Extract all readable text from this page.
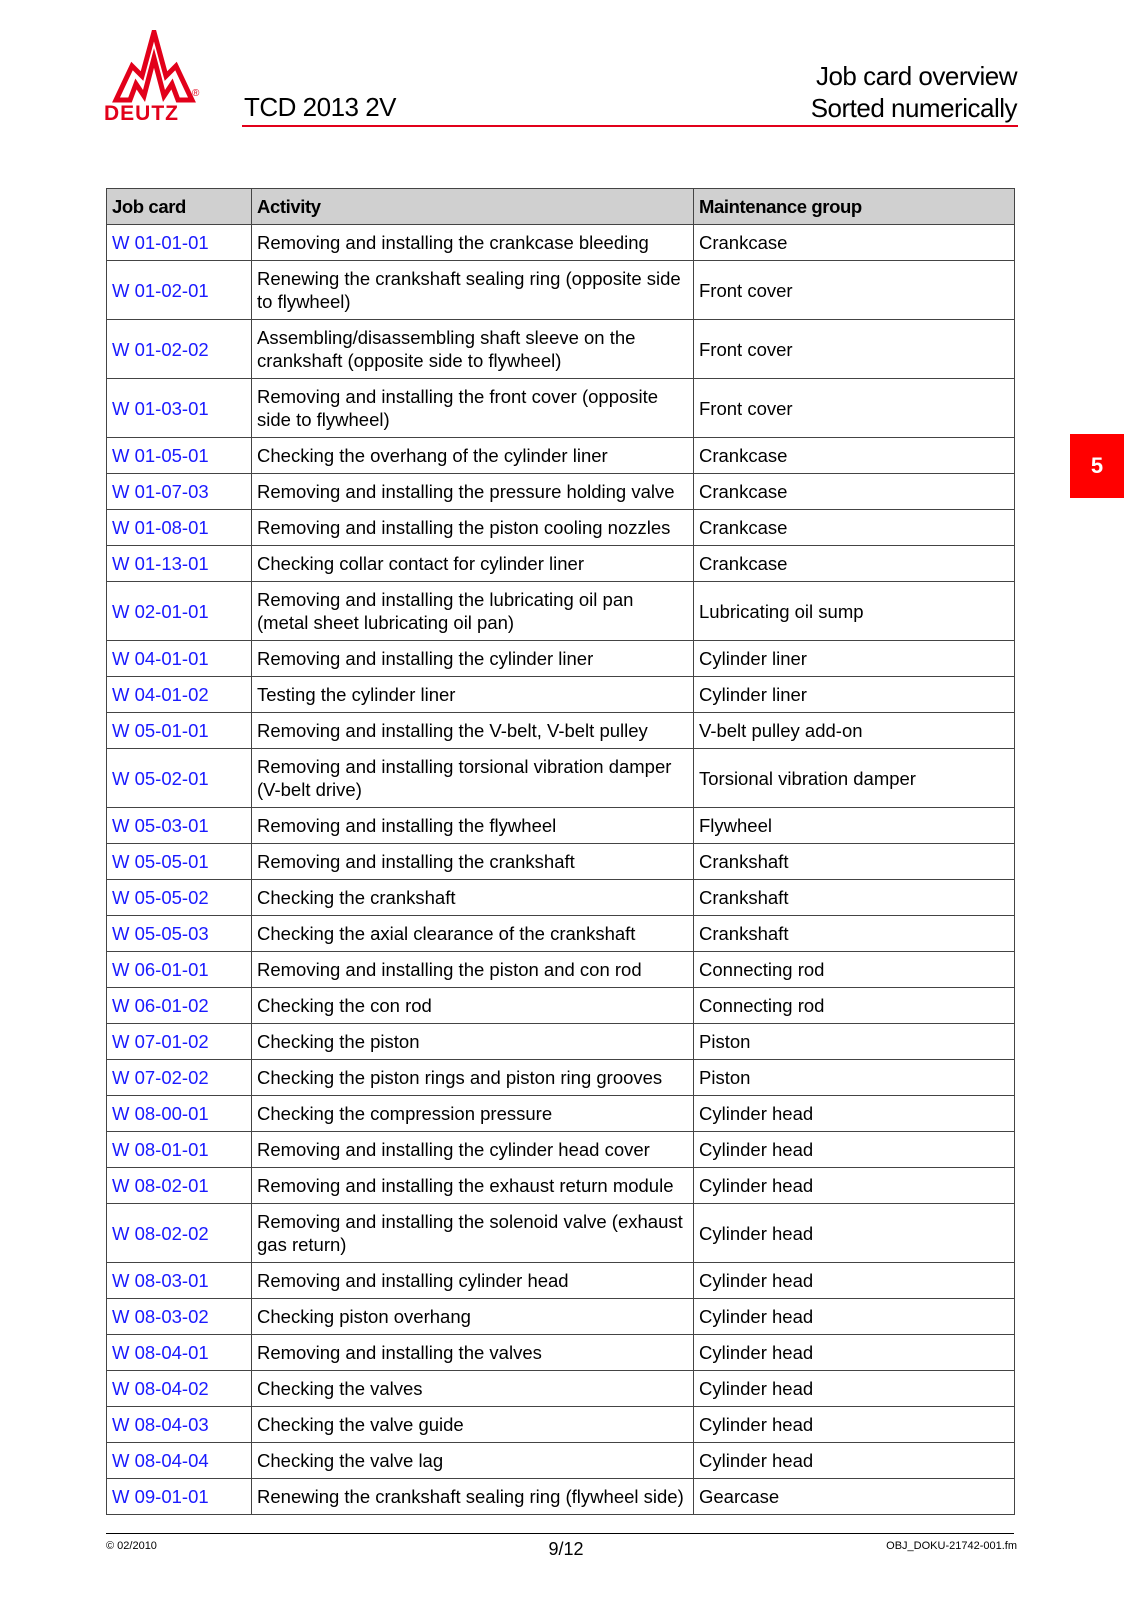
®
DEUTZ	TCD 2013 2V
Job card overview
Sorted numerically
5
Job card	Activity	Maintenance group
W 01-01-01	Removing and installing the crankcase bleeding	Crankcase
W 01-02-01	Renewing the crankshaft sealing ring (opposite side to flywheel)	Front cover
W 01-02-02	Assembling/disassembling shaft sleeve on the crankshaft (opposite side to flywheel)	Front cover
W 01-03-01	Removing and installing the front cover (opposite side to flywheel)	Front cover
W 01-05-01	Checking the overhang of the cylinder liner	Crankcase
W 01-07-03	Removing and installing the pressure holding valve	Crankcase
W 01-08-01	Removing and installing the piston cooling nozzles	Crankcase
W 01-13-01	Checking collar contact for cylinder liner	Crankcase
W 02-01-01	Removing and installing the lubricating oil pan (metal sheet lubricating oil pan)	Lubricating oil sump
W 04-01-01	Removing and installing the cylinder liner	Cylinder liner
W 04-01-02	Testing the cylinder liner	Cylinder liner
W 05-01-01	Removing and installing the V-belt, V-belt pulley	V-belt pulley add-on
W 05-02-01	Removing and installing torsional vibration damper (V-belt drive)	Torsional vibration damper
W 05-03-01	Removing and installing the flywheel	Flywheel
W 05-05-01	Removing and installing the crankshaft	Crankshaft
W 05-05-02	Checking the crankshaft	Crankshaft
W 05-05-03	Checking the axial clearance of the crankshaft	Crankshaft
W 06-01-01	Removing and installing the piston and con rod	Connecting rod
W 06-01-02	Checking the con rod	Connecting rod
W 07-01-02	Checking the piston	Piston
W 07-02-02	Checking the piston rings and piston ring grooves	Piston
W 08-00-01	Checking the compression pressure	Cylinder head
W 08-01-01	Removing and installing the cylinder head cover	Cylinder head
W 08-02-01	Removing and installing the exhaust return module	Cylinder head
W 08-02-02	Removing and installing the solenoid valve (exhaust gas return)	Cylinder head
W 08-03-01	Removing and installing cylinder head	Cylinder head
W 08-03-02	Checking piston overhang	Cylinder head
W 08-04-01	Removing and installing the valves	Cylinder head
W 08-04-02	Checking the valves	Cylinder head
W 08-04-03	Checking the valve guide	Cylinder head
W 08-04-04	Checking the valve lag	Cylinder head
W 09-01-01	Renewing the crankshaft sealing ring (flywheel side)	Gearcase
© 02/2010	9/12	OBJ_DOKU-21742-001.fm
